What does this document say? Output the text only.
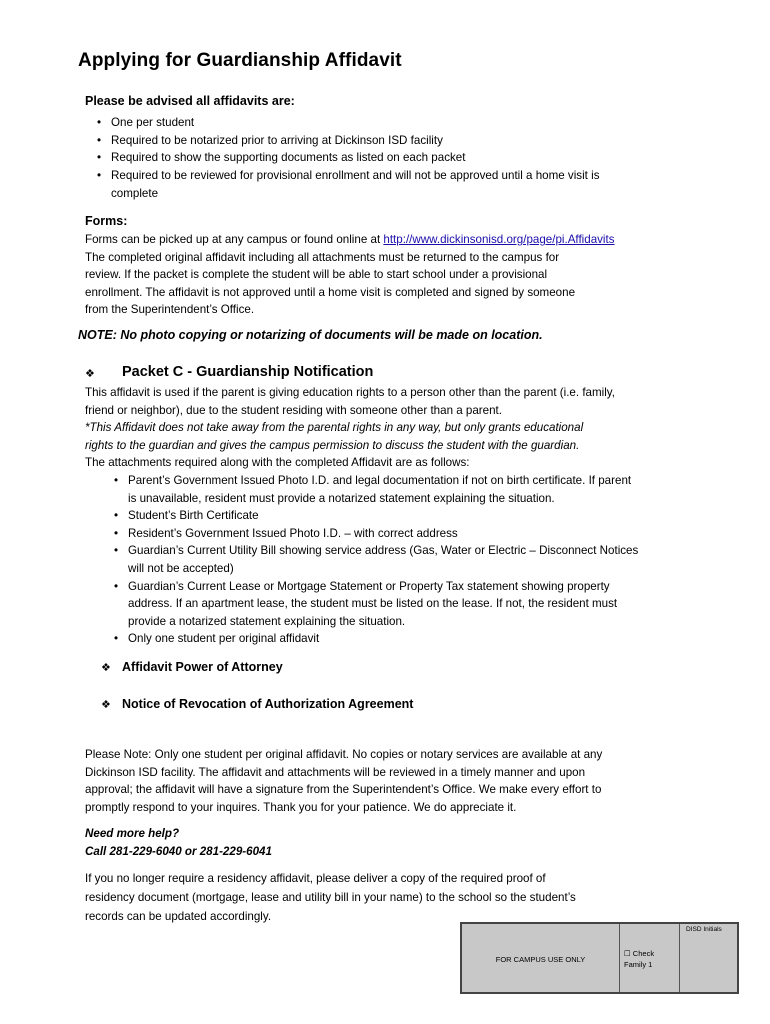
Applying for Guardianship Affidavit
Please be advised all affidavits are:
• One per student
• Required to be notarized prior to arriving at Dickinson ISD facility
• Required to show the supporting documents as listed on each packet
• Required to be reviewed for provisional enrollment and will not be approved until a home visit is
complete
Forms:
Forms can be picked up at any campus or found online at http://www.dickinsonisd.org/page/pi.Affidavits
The completed original affidavit including all attachments must be returned to the campus for
review. If the packet is complete the student will be able to start school under a provisional
enrollment. The affidavit is not approved until a home visit is completed and signed by someone
from the Superintendent’s Office.
NOTE: No photo copying or notarizing of documents will be made on location.
❖ Packet C - Guardianship Notification
This affidavit is used if the parent is giving education rights to a person other than the parent (i.e. family,
friend or neighbor), due to the student residing with someone other than a parent.
*This Affidavit does not take away from the parental rights in any way, but only grants educational
rights to the guardian and gives the campus permission to discuss the student with the guardian.
The attachments required along with the completed Affidavit are as follows:
• Parent’s Government Issued Photo I.D. and legal documentation if not on birth certificate. If parent
is unavailable, resident must provide a notarized statement explaining the situation.
• Student’s Birth Certificate
• Resident’s Government Issued Photo I.D. – with correct address
• Guardian’s Current Utility Bill showing service address (Gas, Water or Electric – Disconnect Notices
will not be accepted)
• Guardian’s Current Lease or Mortgage Statement or Property Tax statement showing property
address. If an apartment lease, the student must be listed on the lease. If not, the resident must
provide a notarized statement explaining the situation.
• Only one student per original affidavit
❖ Affidavit Power of Attorney
❖ Notice of Revocation of Authorization Agreement
Please Note: Only one student per original affidavit. No copies or notary services are available at any
Dickinson ISD facility. The affidavit and attachments will be reviewed in a timely manner and upon
approval; the affidavit will have a signature from the Superintendent’s Office. We make every effort to
promptly respond to your inquires. Thank you for your patience. We do appreciate it.
Need more help?
Call 281-229-6040 or 281-229-6041
If you no longer require a residency affidavit, please deliver a copy of the required proof of
residency document (mortgage, lease and utility bill in your name) to the school so the student’s
records can be updated accordingly.
FOR CAMPUS USE ONLY
☐ Check
Family 1
DISD Initials
